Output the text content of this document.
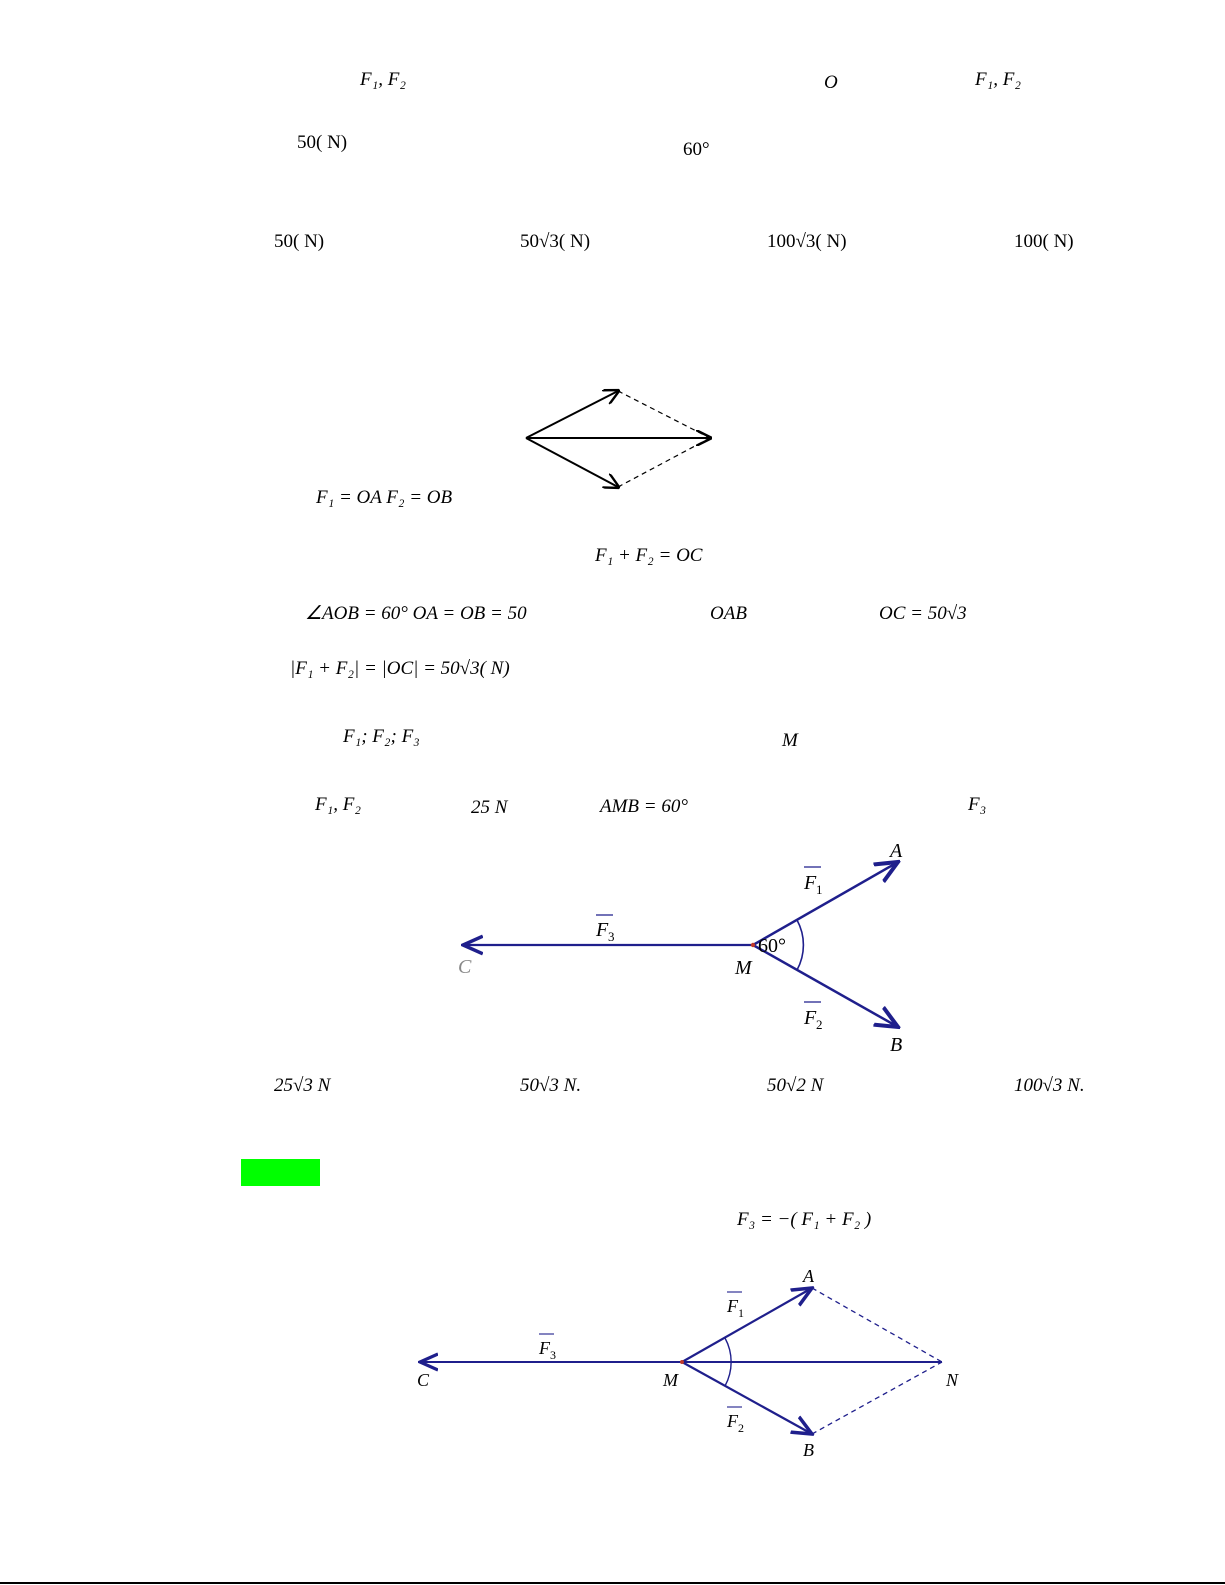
F₁, F₂	O	F₁, F₂
50( N)	60°
50( N)	50√3( N)	100√3( N)	100( N)
F₁ = OA F₂ = OB
F₁ + F₂ = OC
∠AOB = 60° OA = OB = 50	OAB	OC = 50√3
|F₁ + F₂| = |OC| = 50√3( N)
F₁; F₂; F₃	M
F₁, F₂	25 N	AMB = 60°	F₃
60°
A
B
M
C
F 1
F 3
F 2
25√3 N	50√3 N.	50√2 N	100√3 N.
F₃ = −( F₁ + F₂ )
A
B
C	M	N
F 1
F 3
F 2
